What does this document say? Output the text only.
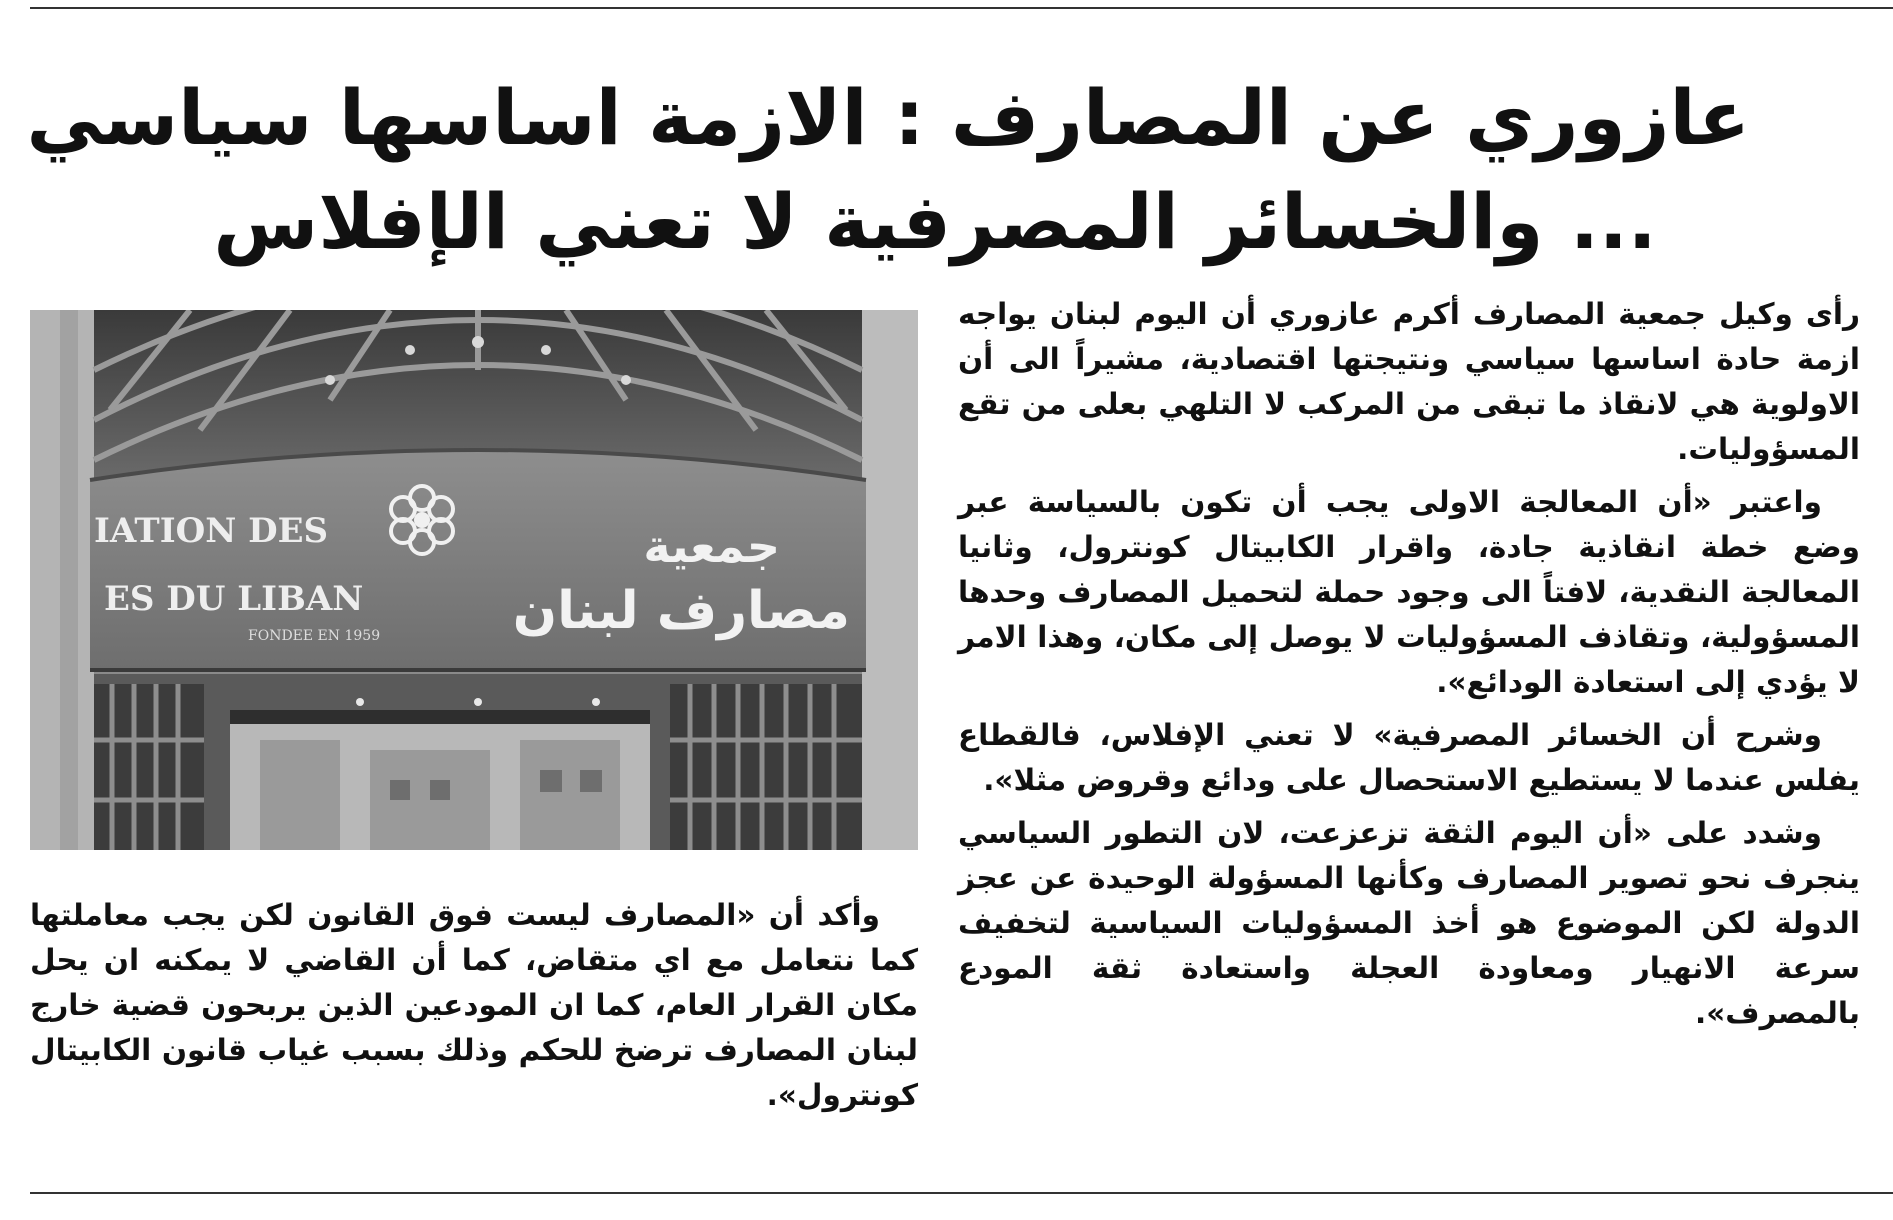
عازوري عن المصارف : الازمة اساسها سياسي
... والخسائر المصرفية لا تعني الإفلاس

رأى وكيل جمعية المصارف أكرم عازوري أن اليوم لبنان يواجه ازمة حادة اساسها سياسي ونتيجتها اقتصادية، مشيراً الى أن الاولوية هي لانقاذ ما تبقى من المركب لا التلهي بعلى من تقع المسؤوليات.

واعتبر «أن المعالجة الاولى يجب أن تكون بالسياسة عبر وضع خطة انقاذية جادة، واقرار الكابيتال كونترول، وثانيا المعالجة النقدية، لافتاً الى وجود حملة لتحميل المصارف وحدها المسؤولية، وتقاذف المسؤوليات لا يوصل إلى مكان، وهذا الامر لا يؤدي إلى استعادة الودائع».

وشرح أن الخسائر المصرفية» لا تعني الإفلاس، فالقطاع يفلس عندما لا يستطيع الاستحصال على ودائع وقروض مثلا».

وشدد على «أن اليوم الثقة تزعزعت، لان التطور السياسي ينجرف نحو تصوير المصارف وكأنها المسؤولة الوحيدة عن عجز الدولة لكن الموضوع هو أخذ المسؤوليات السياسية لتخفيف سرعة الانهيار ومعاودة العجلة واستعادة ثقة المودع بالمصرف».

IATION DES
ES DU LIBAN
FONDEE EN 1959
جمعية
مصارف لبنان

وأكد أن «المصارف ليست فوق القانون لكن يجب معاملتها كما نتعامل مع اي متقاض، كما أن القاضي لا يمكنه ان يحل مكان القرار العام، كما ان المودعين الذين يربحون قضية خارج لبنان المصارف ترضخ للحكم وذلك بسبب غياب قانون الكابيتال كونترول».
